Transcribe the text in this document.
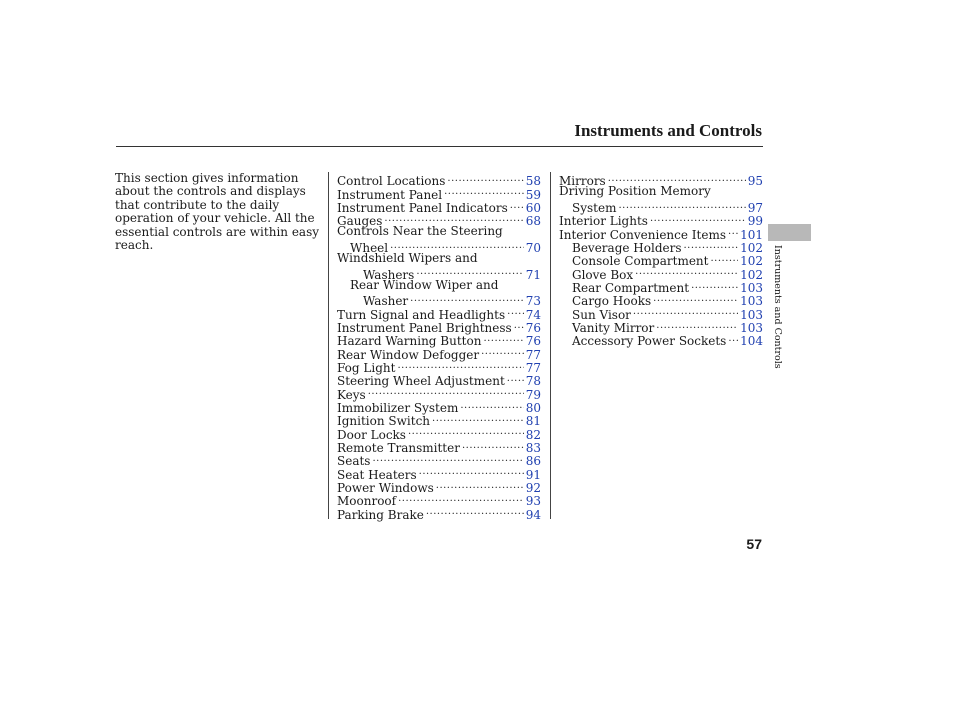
Instruments and Controls

This section gives information about the controls and displays that contribute to the daily operation of your vehicle. All the essential controls are within easy reach.

Control Locations .....	58
Instrument Panel .....	59
Instrument Panel Indicators ..... 60
Gauges .....	68
Controls Near the Steering
Wheel .....	70
Windshield Wipers and
Washers .....	71
Rear Window Wiper and
Washer .....	73
Turn Signal and Headlights ..... 74
Instrument Panel Brightness ..... 76
Hazard Warning Button .....	76
Rear Window Defogger .....	77
Fog Light .....	77
Steering Wheel Adjustment ..... 78
Keys .....	79
Immobilizer System .....	80
Ignition Switch .....	81
Door Locks .....	82
Remote Transmitter .....	83
Seats .....	86
Seat Heaters .....	91
Power Windows .....	92
Moonroof .....	93
Parking Brake .....	94
Mirrors .....	95
Driving Position Memory
System .....	97
Interior Lights .....	99
Interior Convenience Items ..... 101
Beverage Holders .....	102
Console Compartment .....	102
Glove Box .....	102
Rear Compartment .....	103
Cargo Hooks .....	103
Sun Visor .....	103
Vanity Mirror .....	103
Accessory Power Sockets ..... 104 Instruments and Controls
57
